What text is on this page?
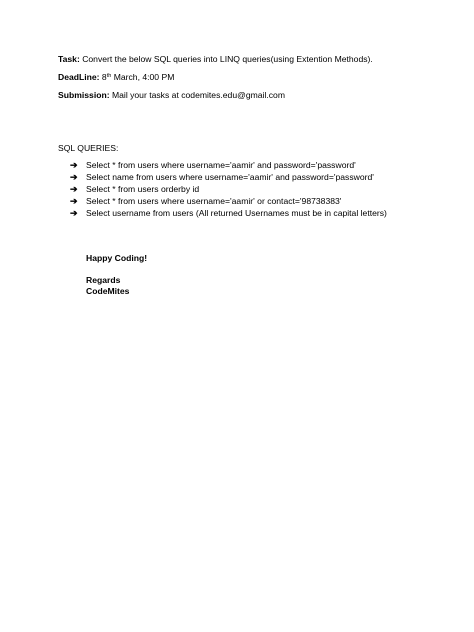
Task: Convert the below SQL queries into LINQ queries(using Extention Methods).
DeadLine: 8th March, 4:00 PM
Submission: Mail your tasks at codemites.edu@gmail.com
SQL QUERIES:
➔ Select * from users where username='aamir' and password='password'
➔ Select name from users where username='aamir' and password='password'
➔ Select * from users orderby id
➔ Select * from users where username='aamir' or contact='98738383'
➔ Select username from users (All returned Usernames must be in capital letters)
Happy Coding!
Regards
CodeMites
